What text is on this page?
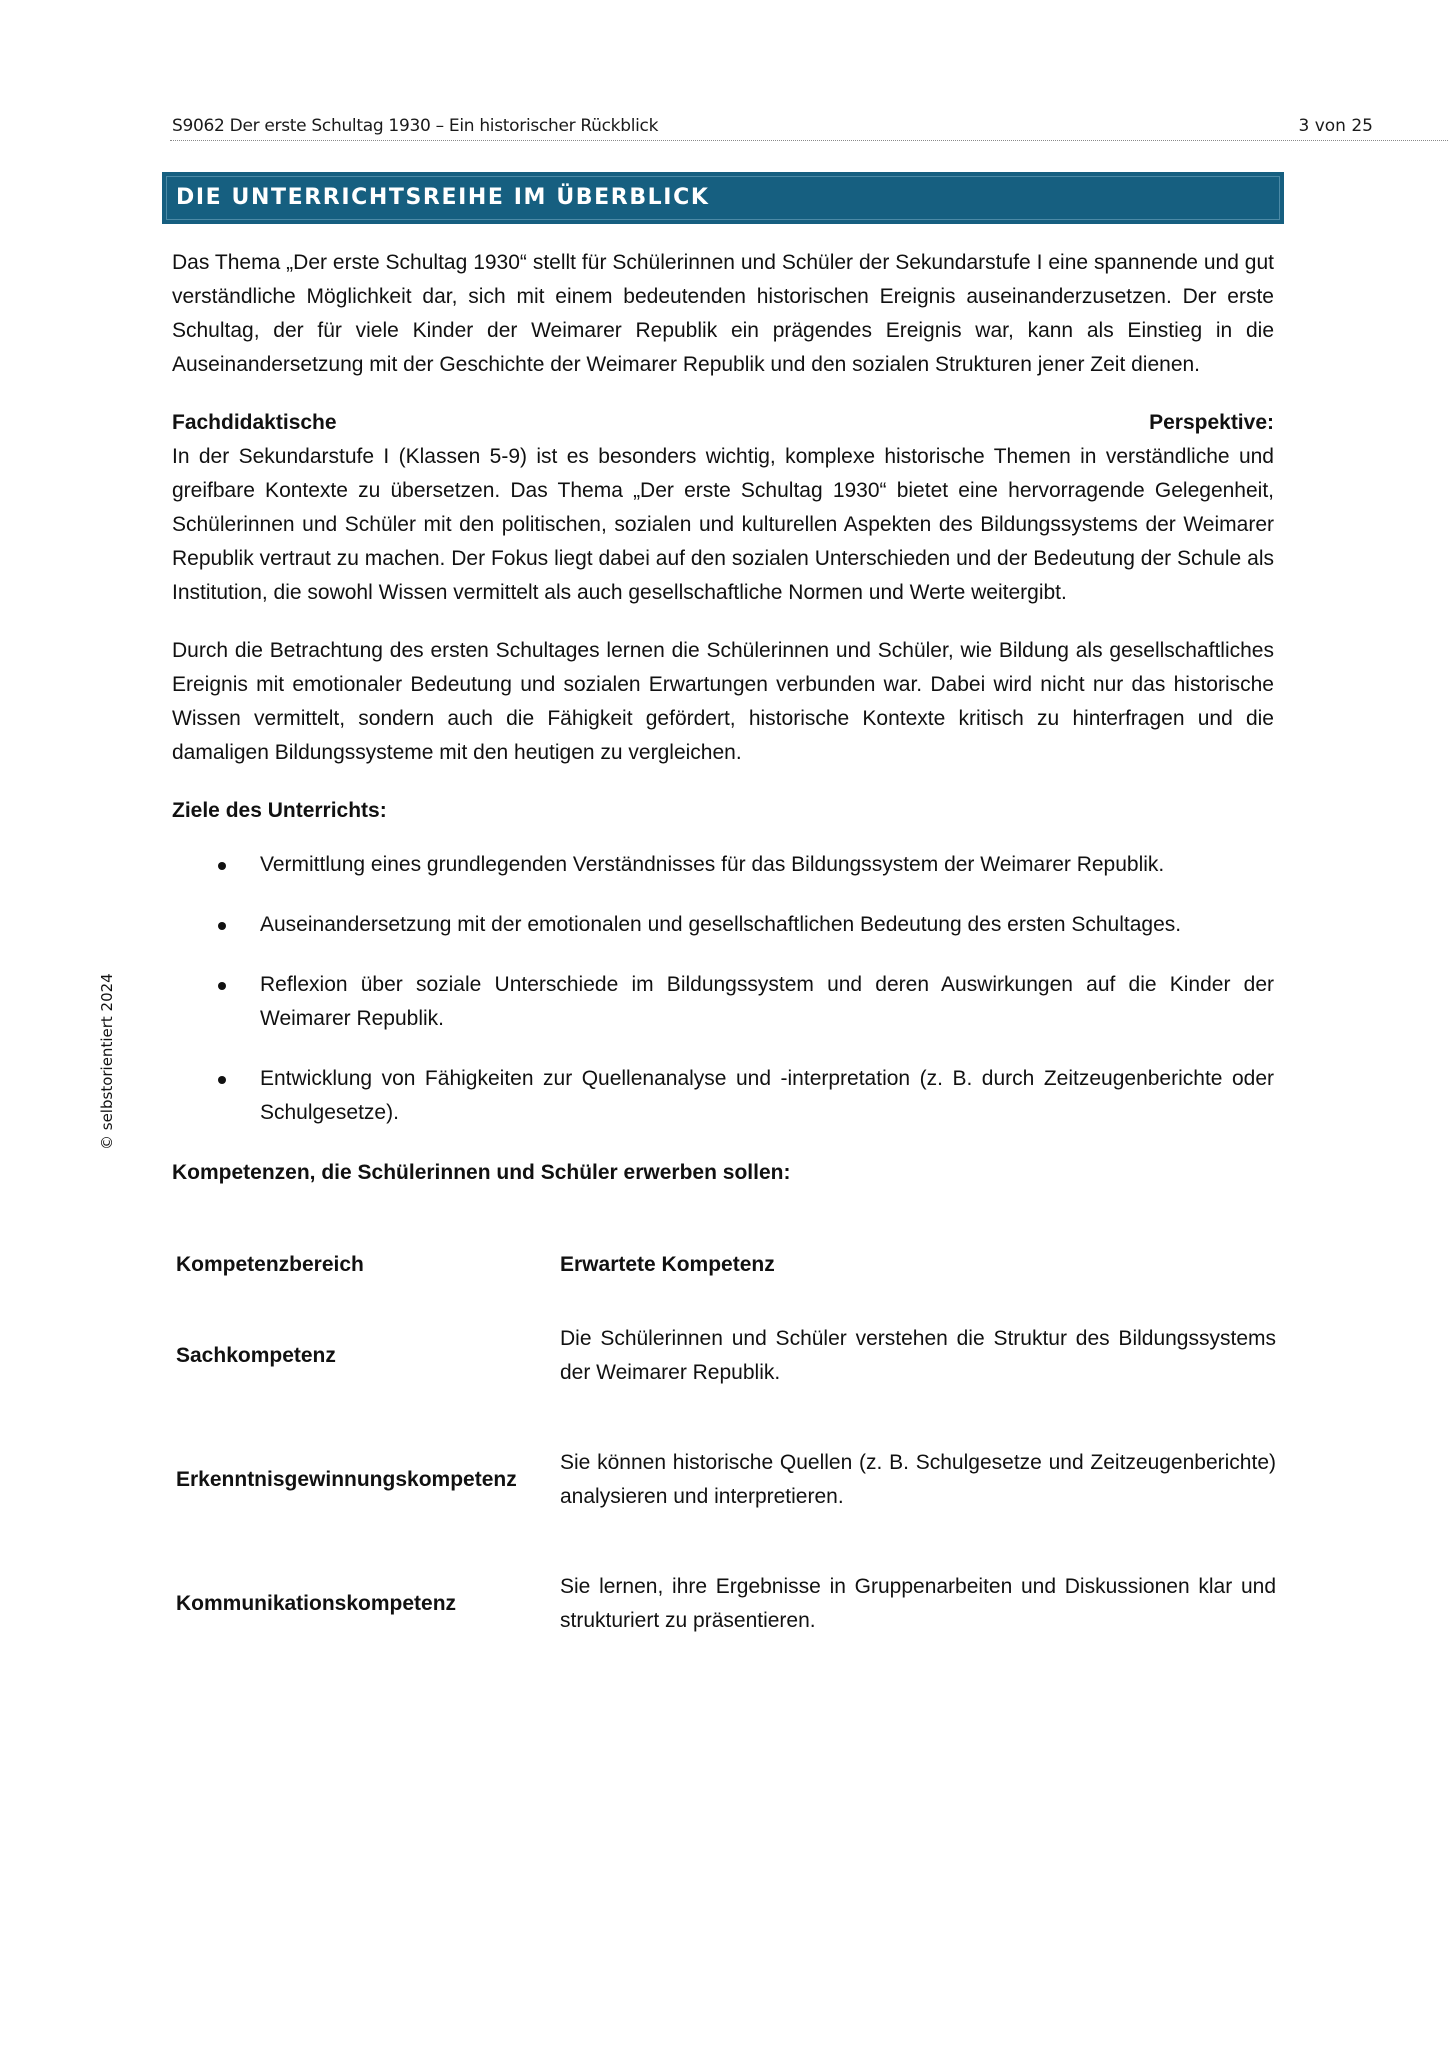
S9062 Der erste Schultag 1930 – Ein historischer Rückblick	3 von 25
DIE UNTERRICHTSREIHE IM ÜBERBLICK
© selbstorientiert 2024

Das Thema „Der erste Schultag 1930“ stellt für Schülerinnen und Schüler der Sekundarstufe I eine spannende und gut verständliche Möglichkeit dar, sich mit einem bedeutenden historischen Ereignis auseinanderzusetzen. Der erste Schultag, der für viele Kinder der Weimarer Republik ein prägendes Ereignis war, kann als Einstieg in die Auseinandersetzung mit der Geschichte der Weimarer Republik und den sozialen Strukturen jener Zeit dienen.

Fachdidaktische	Perspektive:

In der Sekundarstufe I (Klassen 5-9) ist es besonders wichtig, komplexe historische Themen in verständliche und greifbare Kontexte zu übersetzen. Das Thema „Der erste Schultag 1930“ bietet eine hervorragende Gelegenheit, Schülerinnen und Schüler mit den politischen, sozialen und kulturellen Aspekten des Bildungssystems der Weimarer Republik vertraut zu machen. Der Fokus liegt dabei auf den sozialen Unterschieden und der Bedeutung der Schule als Institution, die sowohl Wissen vermittelt als auch gesellschaftliche Normen und Werte weitergibt.

Durch die Betrachtung des ersten Schultages lernen die Schülerinnen und Schüler, wie Bildung als gesellschaftliches Ereignis mit emotionaler Bedeutung und sozialen Erwartungen verbunden war. Dabei wird nicht nur das historische Wissen vermittelt, sondern auch die Fähigkeit gefördert, historische Kontexte kritisch zu hinterfragen und die damaligen Bildungssysteme mit den heutigen zu vergleichen.

Ziele des Unterrichts:
Vermittlung eines grundlegenden Verständnisses für das Bildungssystem der Weimarer Republik.
Auseinandersetzung mit der emotionalen und gesellschaftlichen Bedeutung des ersten Schultages.
Reflexion über soziale Unterschiede im Bildungssystem und deren Auswirkungen auf die Kinder der Weimarer Republik.
Entwicklung von Fähigkeiten zur Quellenanalyse und -interpretation (z. B. durch Zeitzeugenberichte oder Schulgesetze).
Kompetenzen, die Schülerinnen und Schüler erwerben sollen:
Kompetenzbereich	Erwartete Kompetenz
Sachkompetenz	Die Schülerinnen und Schüler verstehen die Struktur des Bildungssystems der Weimarer Republik.
Erkenntnisgewinnungskompetenz	Sie können historische Quellen (z. B. Schulgesetze und Zeitzeugenberichte) analysieren und interpretieren.
Kommunikationskompetenz	Sie lernen, ihre Ergebnisse in Gruppenarbeiten und Diskussionen klar und strukturiert zu präsentieren.
